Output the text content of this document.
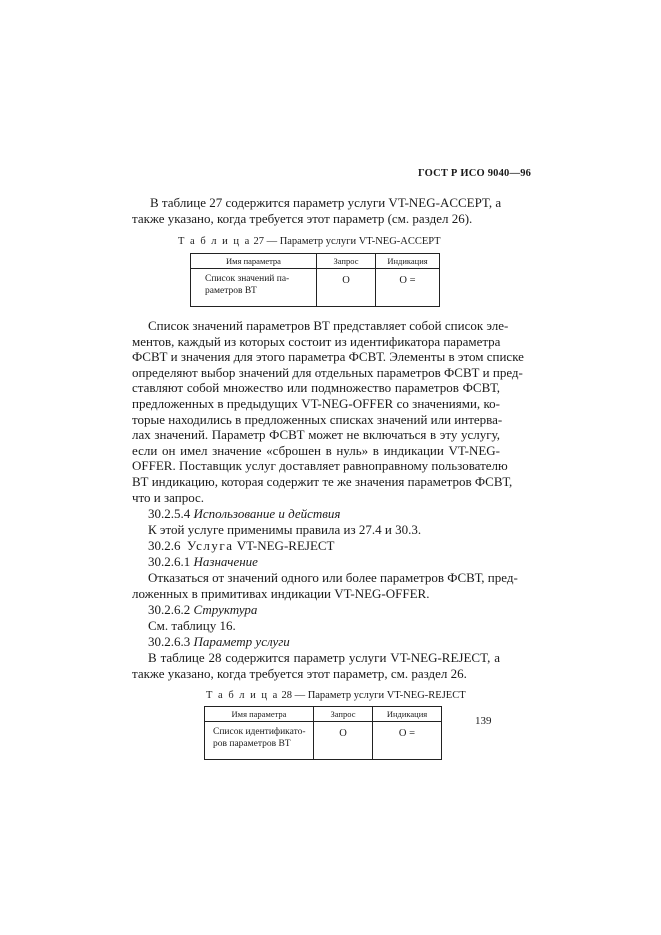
ГОСТ Р ИСО 9040—96
В таблице 27 содержится параметр услуги VT-NEG-ACCEPT, а
также указано, когда требуется этот параметр (см. раздел 26).
Т а б л и ц а 27 — Параметр услуги VT-NEG-ACCEPT
Имя параметра	Запрос	Индикация
Список значений па-раметров ВТ	О	О =
Список значений параметров ВТ представляет собой список эле-
ментов, каждый из которых состоит из идентификатора параметра
ФСВТ и значения для этого параметра ФСВТ. Элементы в этом списке
определяют выбор значений для отдельных параметров ФСВТ и пред-
ставляют собой множество или подмножество параметров ФСВТ,
предложенных в предыдущих VT-NEG-OFFER со значениями, ко-
торые находились в предложенных списках значений или интерва-
лах значений. Параметр ФСВТ может не включаться в эту услугу,
если он имел значение «сброшен в нуль» в индикации VT-NEG-
OFFER. Поставщик услуг доставляет равноправному пользователю
ВТ индикацию, которая содержит те же значения параметров ФСВТ,
что и запрос.
30.2.5.4 Использование и действия
К этой услуге применимы правила из 27.4 и 30.3.
30.2.6 Услуга VT-NEG-REJECT
30.2.6.1 Назначение
Отказаться от значений одного или более параметров ФСВТ, пред-
ложенных в примитивах индикации VT-NEG-OFFER.
30.2.6.2 Структура
См. таблицу 16.
30.2.6.3 Параметр услуги
В таблице 28 содержится параметр услуги VT-NEG-REJECT, а
также указано, когда требуется этот параметр, см. раздел 26.
Т а б л и ц а 28 — Параметр услуги VT-NEG-REJECT
Имя параметра	Запрос	Индикация
Список идентификато-ров параметров ВТ	О	О =
139
